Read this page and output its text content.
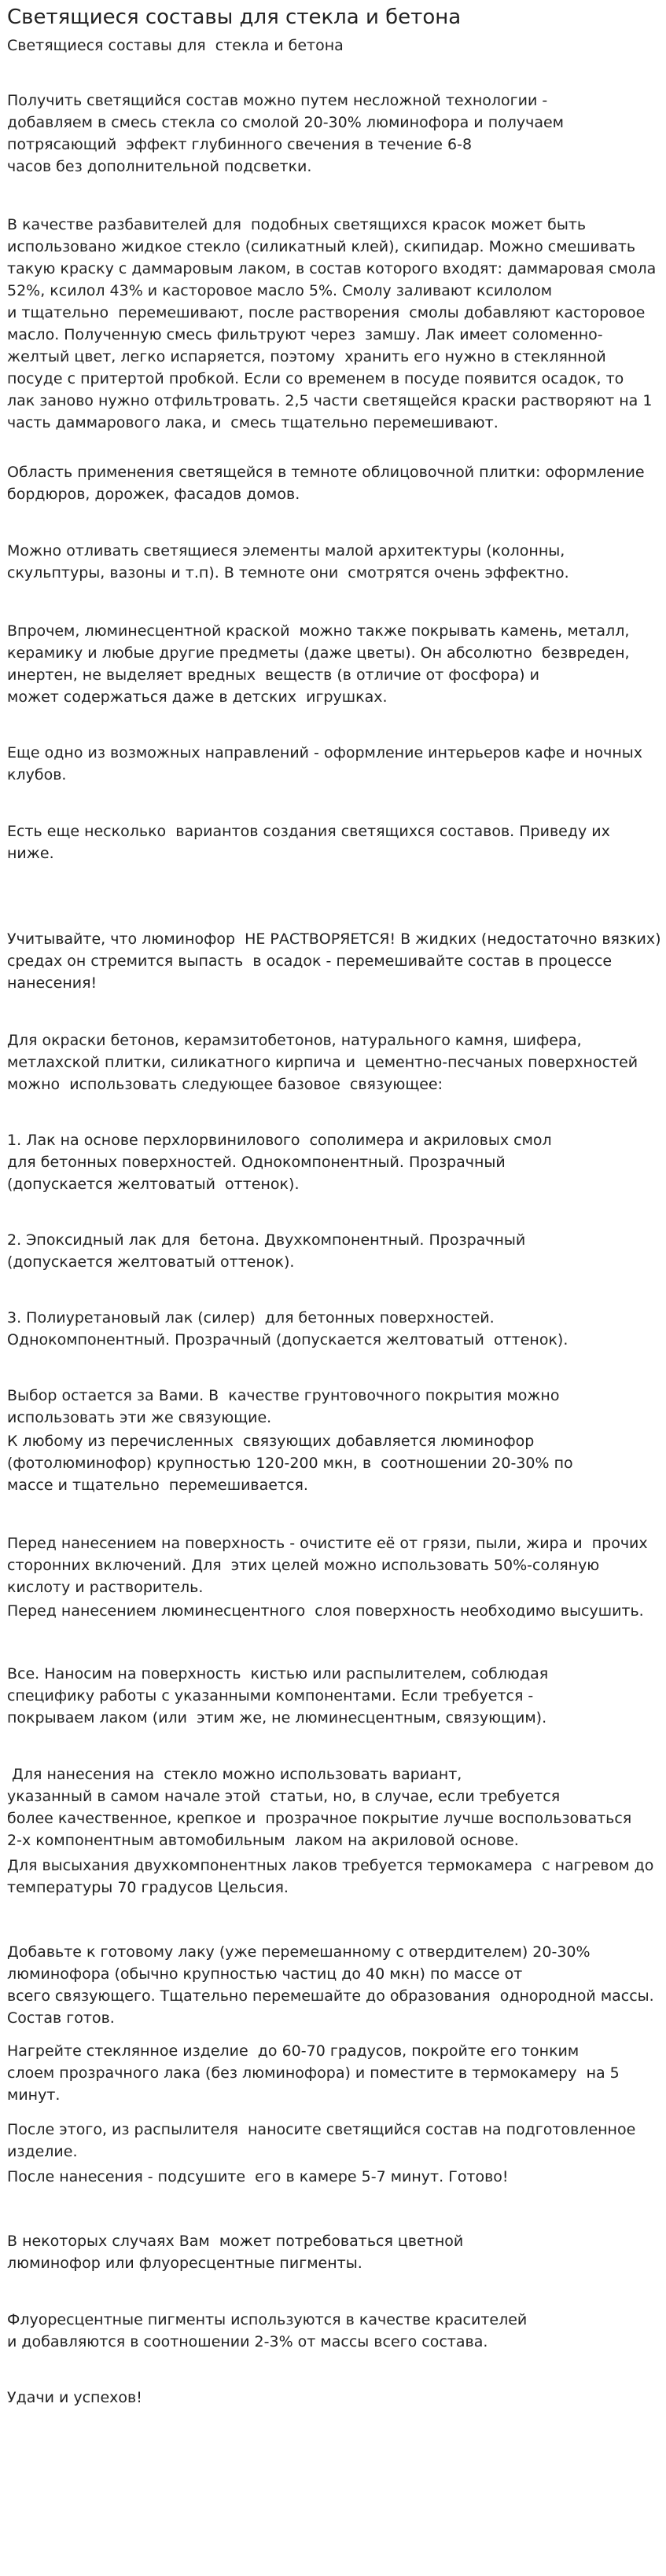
Светящиеся составы для стекла и бетона
Светящиеся составы для  стекла и бетона

Получить светящийся состав можно путем несложной технологии -
добавляем в смесь стекла со смолой 20-30% люминофора и получаем
потрясающий  эффект глубинного свечения в течение 6-8
часов без дополнительной подсветки.

В качестве разбавителей для  подобных светящихся красок может быть
использовано жидкое стекло (силикатный клей), скипидар. Можно смешивать
такую краску с даммаровым лаком, в состав которого входят: даммаровая смола
52%, ксилол 43% и касторовое масло 5%. Смолу заливают ксилолом
и тщательно  перемешивают, после растворения  смолы добавляют касторовое
масло. Полученную смесь фильтруют через  замшу. Лак имеет соломенно-
желтый цвет, легко испаряется, поэтому  хранить его нужно в стеклянной
посуде с притертой пробкой. Если со временем в посуде появится осадок, то
лак заново нужно отфильтровать. 2,5 части светящейся краски растворяют на 1
часть даммарового лака, и  смесь тщательно перемешивают.

Область применения светящейся в темноте облицовочной плитки: оформление
бордюров, дорожек, фасадов домов.

Можно отливать светящиеся элементы малой архитектуры (колонны,
скульптуры, вазоны и т.п). В темноте они  смотрятся очень эффектно.

Впрочем, люминесцентной краской  можно также покрывать камень, металл,
керамику и любые другие предметы (даже цветы). Он абсолютно  безвреден,
инертен, не выделяет вредных  веществ (в отличие от фосфора) и
может содержаться даже в детских  игрушках.

Еще одно из возможных направлений - оформление интерьеров кафе и ночных
клубов.

Есть еще несколько  вариантов создания светящихся составов. Приведу их
ниже.

Учитывайте, что люминофор  НЕ РАСТВОРЯЕТСЯ! В жидких (недостаточно вязких)
средах он стремится выпасть  в осадок - перемешивайте состав в процессе
нанесения!

Для окраски бетонов, керамзитобетонов, натурального камня, шифера,
метлахской плитки, силикатного кирпича и  цементно-песчаных поверхностей
можно  использовать следующее базовое  связующее:

1. Лак на основе перхлорвинилового  сополимера и акриловых смол
для бетонных поверхностей. Однокомпонентный. Прозрачный
(допускается желтоватый  оттенок).

2. Эпоксидный лак для  бетона. Двухкомпонентный. Прозрачный
(допускается желтоватый оттенок).

3. Полиуретановый лак (силер)  для бетонных поверхностей.
Однокомпонентный. Прозрачный (допускается желтоватый  оттенок).

Выбор остается за Вами. В  качестве грунтовочного покрытия можно
использовать эти же связующие.

К любому из перечисленных  связующих добавляется люминофор
(фотолюминофор) крупностью 120-200 мкн, в  соотношении 20-30% по
массе и тщательно  перемешивается.

Перед нанесением на поверхность - очистите её от грязи, пыли, жира и  прочих
сторонних включений. Для  этих целей можно использовать 50%-соляную
кислоту и растворитель.

Перед нанесением люминесцентного  слоя поверхность необходимо высушить.

Все. Наносим на поверхность  кистью или распылителем, соблюдая
специфику работы с указанными компонентами. Если требуется -
покрываем лаком (или  этим же, не люминесцентным, связующим).

Для нанесения на  стекло можно использовать вариант,
указанный в самом начале этой  статьи, но, в случае, если требуется
более качественное, крепкое и  прозрачное покрытие лучше воспользоваться
2-х компонентным автомобильным  лаком на акриловой основе.

Для высыхания двухкомпонентных лаков требуется термокамера  с нагревом до
температуры 70 градусов Цельсия.

Добавьте к готовому лаку (уже перемешанному с отвердителем) 20-30%
люминофора (обычно крупностью частиц до 40 мкн) по массе от
всего связующего. Тщательно перемешайте до образования  однородной массы.
Состав готов.

Нагрейте стеклянное изделие  до 60-70 градусов, покройте его тонким
слоем прозрачного лака (без люминофора) и поместите в термокамеру  на 5
минут.

После этого, из распылителя  наносите светящийся состав на подготовленное
изделие.

После нанесения - подсушите  его в камере 5-7 минут. Готово!

В некоторых случаях Вам  может потребоваться цветной
люминофор или флуоресцентные пигменты.

Флуоресцентные пигменты используются в качестве красителей
и добавляются в соотношении 2-3% от массы всего состава.

Удачи и успехов!
